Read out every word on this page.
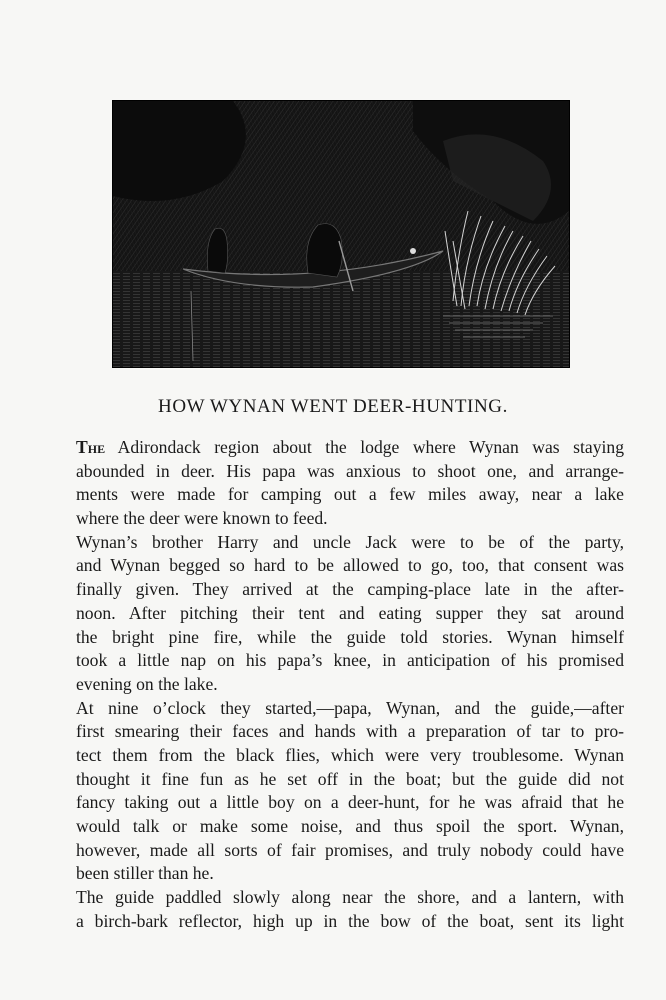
HOW WYNAN WENT DEER-HUNTING.

The Adirondack region about the lodge where Wynan was staying
abounded in deer. His papa was anxious to shoot one, and arrange-
ments were made for camping out a few miles away, near a lake
where the deer were known to feed.

Wynan’s brother Harry and uncle Jack were to be of the party,
and Wynan begged so hard to be allowed to go, too, that consent was
finally given. They arrived at the camping-place late in the after-
noon. After pitching their tent and eating supper they sat around
the bright pine fire, while the guide told stories. Wynan himself
took a little nap on his papa’s knee, in anticipation of his promised
evening on the lake.

At nine o’clock they started,—papa, Wynan, and the guide,—after
first smearing their faces and hands with a preparation of tar to pro-
tect them from the black flies, which were very troublesome. Wynan
thought it fine fun as he set off in the boat; but the guide did not
fancy taking out a little boy on a deer-hunt, for he was afraid that he
would talk or make some noise, and thus spoil the sport. Wynan,
however, made all sorts of fair promises, and truly nobody could have
been stiller than he.

The guide paddled slowly along near the shore, and a lantern, with
a birch-bark reflector, high up in the bow of the boat, sent its light
